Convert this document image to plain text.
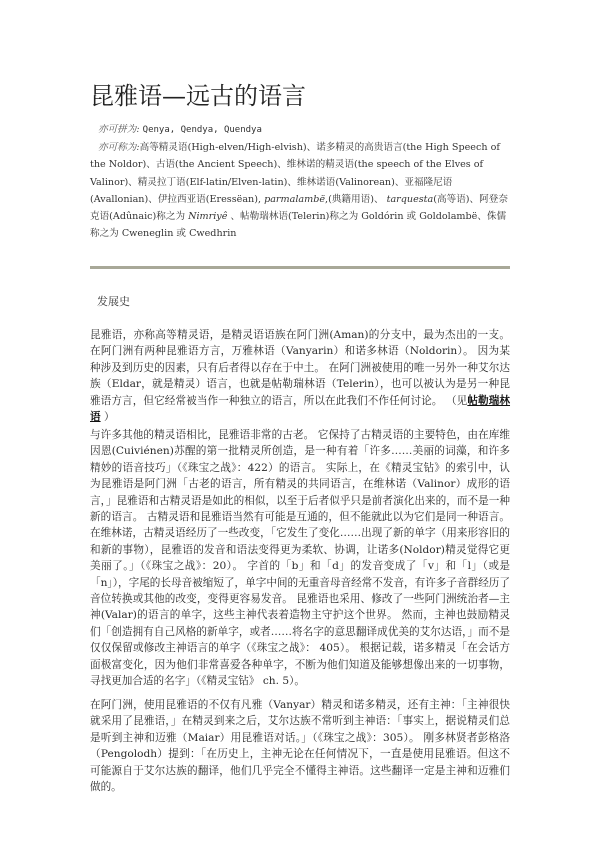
昆雅语—远古的语言

亦可拼为: Qenya, Qendya, Quendya

亦可称为:高等精灵语(High-elven/High-elvish)、诺多精灵的高贵语言(the High Speech of the Noldor)、古语(the Ancient Speech)、维林诺的精灵语(the speech of the Elves of Valinor)、精灵拉丁语(Elf-latin/Elven-latin)、维林诺语(Valinorean)、亚福隆尼语(Avallonian)、伊拉西亚语(Eressëan), parmalambë,(典籍用语)、 tarquesta(高等语)、阿登奈克语(Adûnaic)称之为 Nimriyê 、帖勒瑞林语(Telerin)称之为 Goldórin 或 Goldolambë、侏儒称之为 Cweneglin 或 Cwedhrin

发展史

昆雅语，亦称高等精灵语，是精灵语语族在阿门洲(Aman)的分支中，最为杰出的一支。 在阿门洲有两种昆雅语方言，万雅林语（Vanyarin）和诺多林语（Noldorin）。 因为某种涉及到历史的因素，只有后者得以存在于中土。 在阿门洲被使用的唯一另外一种艾尔达族（Eldar，就是精灵）语言，也就是帖勒瑞林语（Telerin），也可以被认为是另一种昆雅语方言，但它经常被当作一种独立的语言，所以在此我们不作任何讨论。 （见帖勒瑞林语 ）

与许多其他的精灵语相比，昆雅语非常的古老。 它保持了古精灵语的主要特色，由在库维因恩(Cuiviénen)苏醒的第一批精灵所创造，是一种有着「许多……美丽的词藻，和许多精妙的语音技巧」（《珠宝之战》：422）的语言。 实际上，在《精灵宝钻》的索引中，认为昆雅语是阿门洲「古老的语言，所有精灵的共同语言，在维林诺（Valinor）成形的语言，」昆雅语和古精灵语是如此的相似，以至于后者似乎只是前者演化出来的，而不是一种新的语言。 古精灵语和昆雅语当然有可能是互通的，但不能就此以为它们是同一种语言。 在维林诺，古精灵语经历了一些改变，「它发生了变化……出现了新的单字（用来形容旧的和新的事物），昆雅语的发音和语法变得更为柔软、协调，让诺多(Noldor)精灵觉得它更美丽了。」（《珠宝之战》：20）。 字首的「b」和「d」的发音变成了「v」和「l」（或是「n」），字尾的长母音被缩短了，单字中间的无重音母音经常不发音，有许多子音群经历了音位转换或其他的改变，变得更容易发音。 昆雅语也采用、修改了一些阿门洲统治者—主神(Valar)的语言的单字，这些主神代表着造物主守护这个世界。 然而，主神也鼓励精灵们「创造拥有自己风格的新单字，或者……将名字的意思翻译成优美的艾尔达语，」而不是仅仅保留或修改主神语言的单字（《珠宝之战》： 405）。 根据记载，诺多精灵「在会话方面极富变化，因为他们非常喜爱各种单字，不断为他们知道及能够想像出来的一切事物，寻找更加合适的名字」（《精灵宝钻》 ch. 5）。

在阿门洲，使用昆雅语的不仅有凡雅（Vanyar）精灵和诺多精灵，还有主神：「主神很快就采用了昆雅语，」在精灵到来之后，艾尔达族不常听到主神语：「事实上，据说精灵们总是听到主神和迈雅（Maiar）用昆雅语对话。」（《珠宝之战》：305）。 刚多林贤者彭格洛（Pengolodh）提到：「在历史上，主神无论在任何情况下，一直是使用昆雅语。但这不可能源自于艾尔达族的翻译，他们几乎完全不懂得主神语。这些翻译一定是主神和迈雅们做的。
